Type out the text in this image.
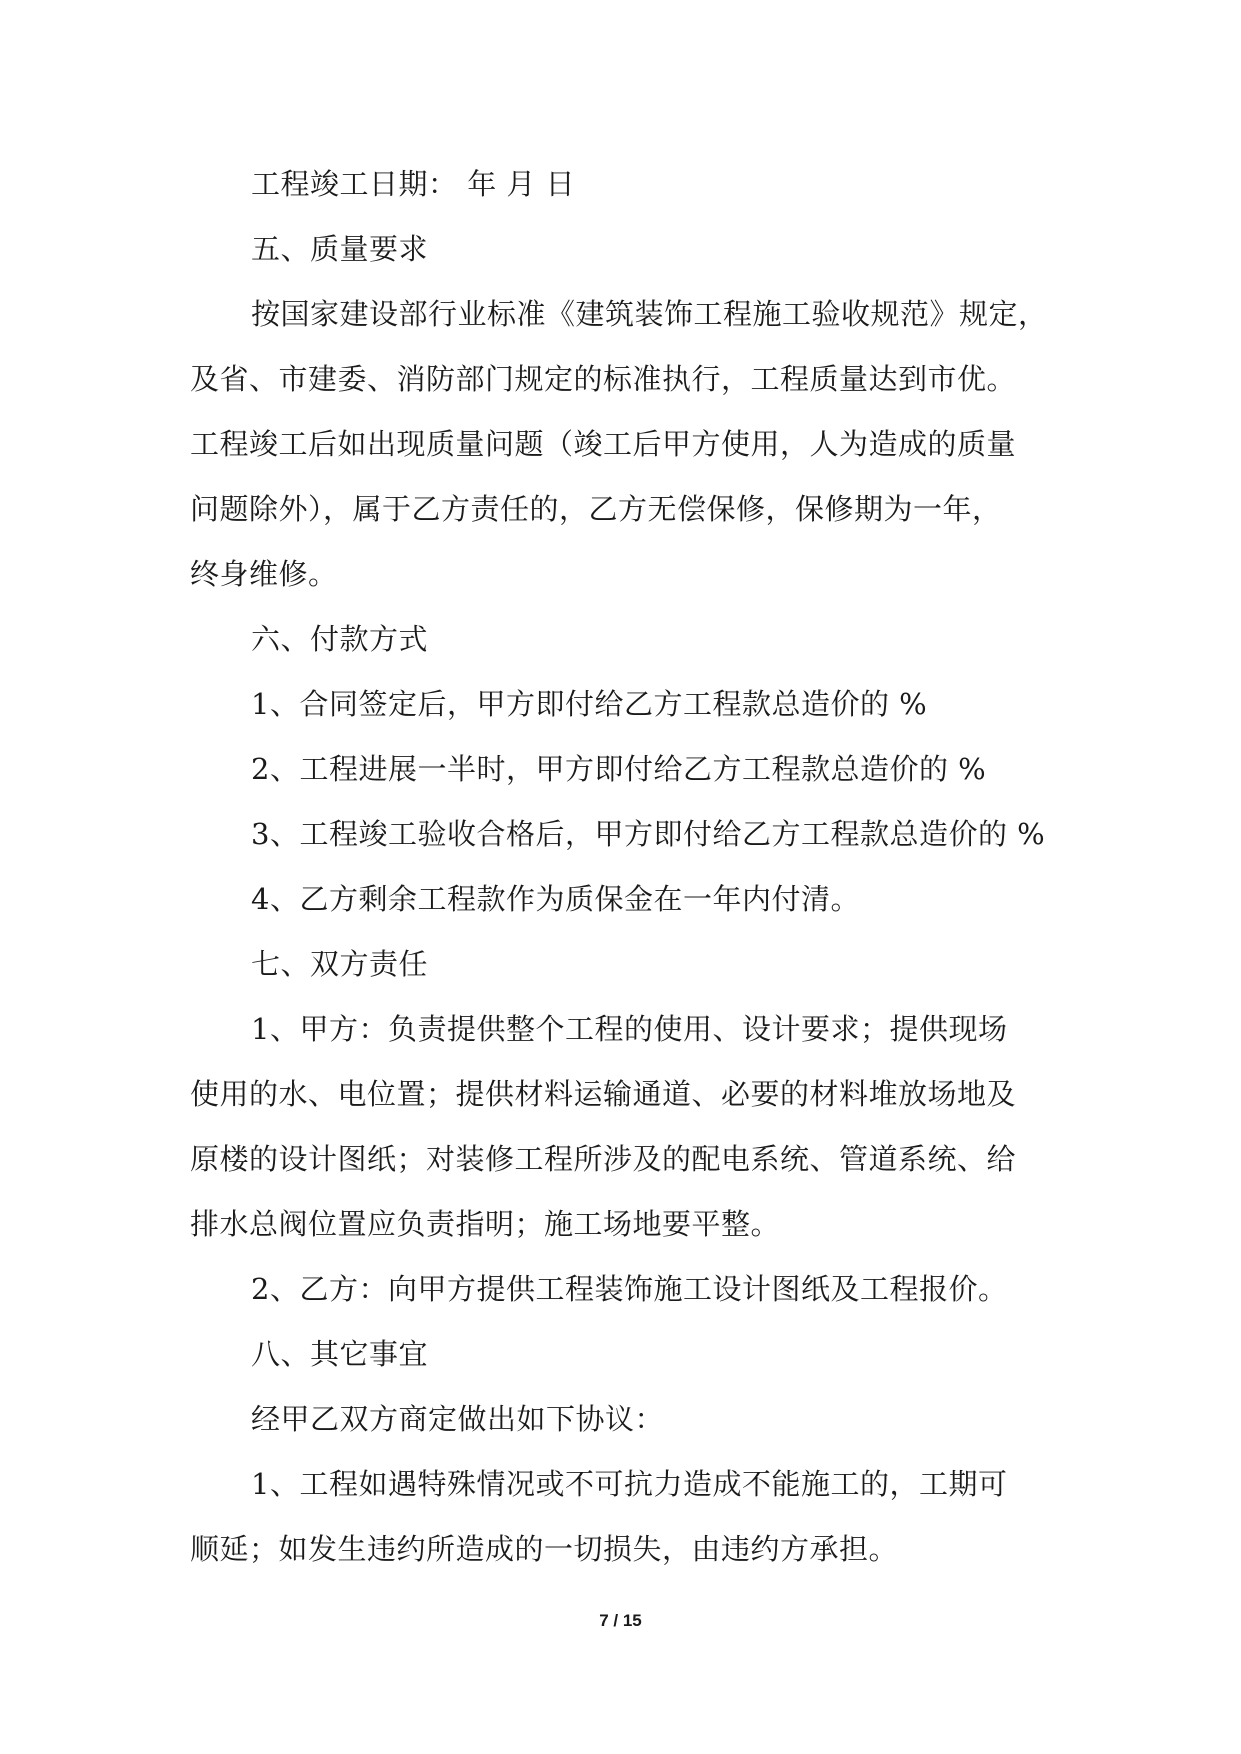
工程竣工日期： 年 月 日

五、质量要求

按国家建设部行业标准《建筑装饰工程施工验收规范》规定，

及省、市建委、消防部门规定的标准执行，工程质量达到市优。

工程竣工后如出现质量问题（竣工后甲方使用，人为造成的质量

问题除外），属于乙方责任的，乙方无偿保修，保修期为一年，

终身维修。

六、付款方式

1、合同签定后，甲方即付给乙方工程款总造价的 %

2、工程进展一半时，甲方即付给乙方工程款总造价的 %

3、工程竣工验收合格后，甲方即付给乙方工程款总造价的 %

4、乙方剩余工程款作为质保金在一年内付清。

七、双方责任

1、甲方：负责提供整个工程的使用、设计要求；提供现场

使用的水、电位置；提供材料运输通道、必要的材料堆放场地及

原楼的设计图纸；对装修工程所涉及的配电系统、管道系统、给

排水总阀位置应负责指明；施工场地要平整。

2、乙方：向甲方提供工程装饰施工设计图纸及工程报价。

八、其它事宜

经甲乙双方商定做出如下协议：

1、工程如遇特殊情况或不可抗力造成不能施工的，工期可

顺延；如发生违约所造成的一切损失，由违约方承担。

7 / 15
